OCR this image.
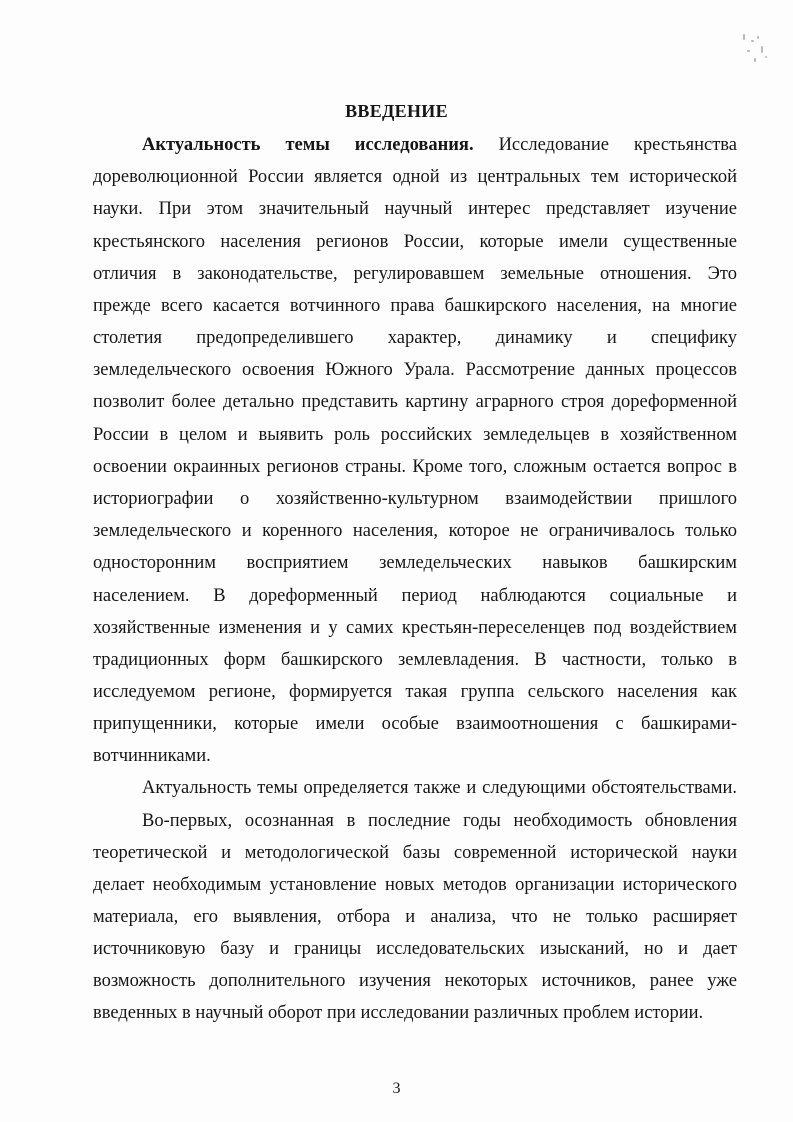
ВВЕДЕНИЕ

Актуальность темы исследования. Исследование крестьянства

дореволюционной России является одной из центральных тем исторической

науки. При этом значительный научный интерес представляет изучение

крестьянского населения регионов России, которые имели существенные

отличия в законодательстве, регулировавшем земельные отношения. Это

прежде всего касается вотчинного права башкирского населения, на многие

столетия предопределившего характер, динамику и специфику

земледельческого освоения Южного Урала. Рассмотрение данных процессов

позволит более детально представить картину аграрного строя дореформенной

России в целом и выявить роль российских земледельцев в хозяйственном

освоении окраинных регионов страны. Кроме того, сложным остается вопрос в

историографии о хозяйственно-культурном взаимодействии пришлого

земледельческого и коренного населения, которое не ограничивалось только

односторонним восприятием земледельческих навыков башкирским

населением. В дореформенный период наблюдаются социальные и

хозяйственные изменения и у самих крестьян-переселенцев под воздействием

традиционных форм башкирского землевладения. В частности, только в

исследуемом регионе, формируется такая группа сельского населения как

припущенники, которые имели особые взаимоотношения с башкирами-

вотчинниками.

Актуальность темы определяется также и следующими обстоятельствами.

Во-первых, осознанная в последние годы необходимость обновления

теоретической и методологической базы современной исторической науки

делает необходимым установление новых методов организации исторического

материала, его выявления, отбора и анализа, что не только расширяет

источниковую базу и границы исследовательских изысканий, но и дает

возможность дополнительного изучения некоторых источников, ранее уже

введенных в научный оборот при исследовании различных проблем истории.

3
